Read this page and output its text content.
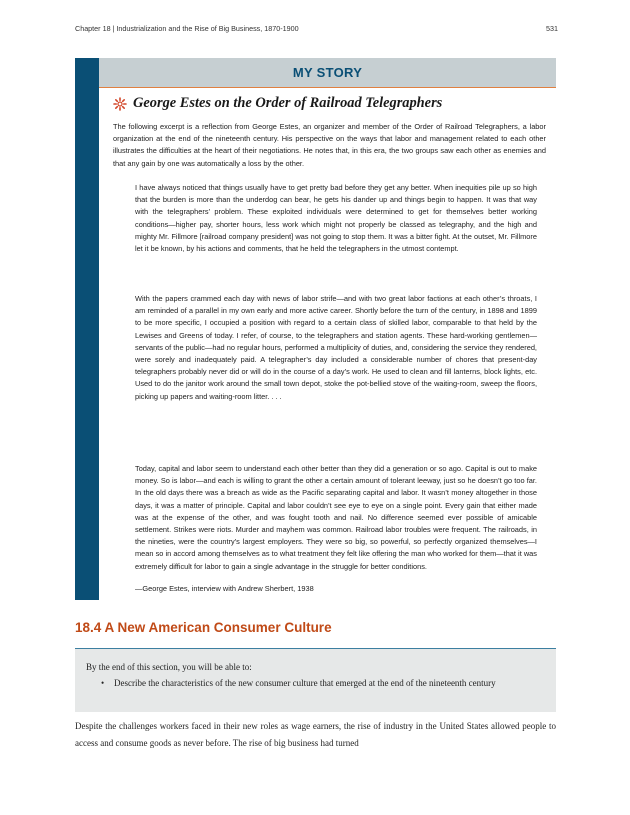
Chapter 18 | Industrialization and the Rise of Big Business, 1870-1900	531
MY STORY
George Estes on the Order of Railroad Telegraphers

The following excerpt is a reflection from George Estes, an organizer and member of the Order of Railroad Telegraphers, a labor organization at the end of the nineteenth century. His perspective on the ways that labor and management related to each other illustrates the difficulties at the heart of their negotiations. He notes that, in this era, the two groups saw each other as enemies and that any gain by one was automatically a loss by the other.

I have always noticed that things usually have to get pretty bad before they get any better. When inequities pile up so high that the burden is more than the underdog can bear, he gets his dander up and things begin to happen. It was that way with the telegraphers’ problem. These exploited individuals were determined to get for themselves better working conditions—higher pay, shorter hours, less work which might not properly be classed as telegraphy, and the high and mighty Mr. Fillmore [railroad company president] was not going to stop them. It was a bitter fight. At the outset, Mr. Fillmore let it be known, by his actions and comments, that he held the telegraphers in the utmost contempt.

With the papers crammed each day with news of labor strife—and with two great labor factions at each other’s throats, I am reminded of a parallel in my own early and more active career. Shortly before the turn of the century, in 1898 and 1899 to be more specific, I occupied a position with regard to a certain class of skilled labor, comparable to that held by the Lewises and Greens of today. I refer, of course, to the telegraphers and station agents. These hard-working gentlemen—servants of the public—had no regular hours, performed a multiplicity of duties, and, considering the service they rendered, were sorely and inadequately paid. A telegrapher’s day included a considerable number of chores that present-day telegraphers probably never did or will do in the course of a day’s work. He used to clean and fill lanterns, block lights, etc. Used to do the janitor work around the small town depot, stoke the pot-bellied stove of the waiting-room, sweep the floors, picking up papers and waiting-room litter. . . .

Today, capital and labor seem to understand each other better than they did a generation or so ago. Capital is out to make money. So is labor—and each is willing to grant the other a certain amount of tolerant leeway, just so he doesn’t go too far. In the old days there was a breach as wide as the Pacific separating capital and labor. It wasn’t money altogether in those days, it was a matter of principle. Capital and labor couldn’t see eye to eye on a single point. Every gain that either made was at the expense of the other, and was fought tooth and nail. No difference seemed ever possible of amicable settlement. Strikes were riots. Murder and mayhem was common. Railroad labor troubles were frequent. The railroads, in the nineties, were the country’s largest employers. They were so big, so powerful, so perfectly organized themselves—I mean so in accord among themselves as to what treatment they felt like offering the man who worked for them—that it was extremely difficult for labor to gain a single advantage in the struggle for better conditions.

—George Estes, interview with Andrew Sherbert, 1938

18.4 A New American Consumer Culture

By the end of this section, you will be able to:

• Describe the characteristics of the new consumer culture that emerged at the end of the nineteenth century

Despite the challenges workers faced in their new roles as wage earners, the rise of industry in the United States allowed people to access and consume goods as never before. The rise of big business had turned
